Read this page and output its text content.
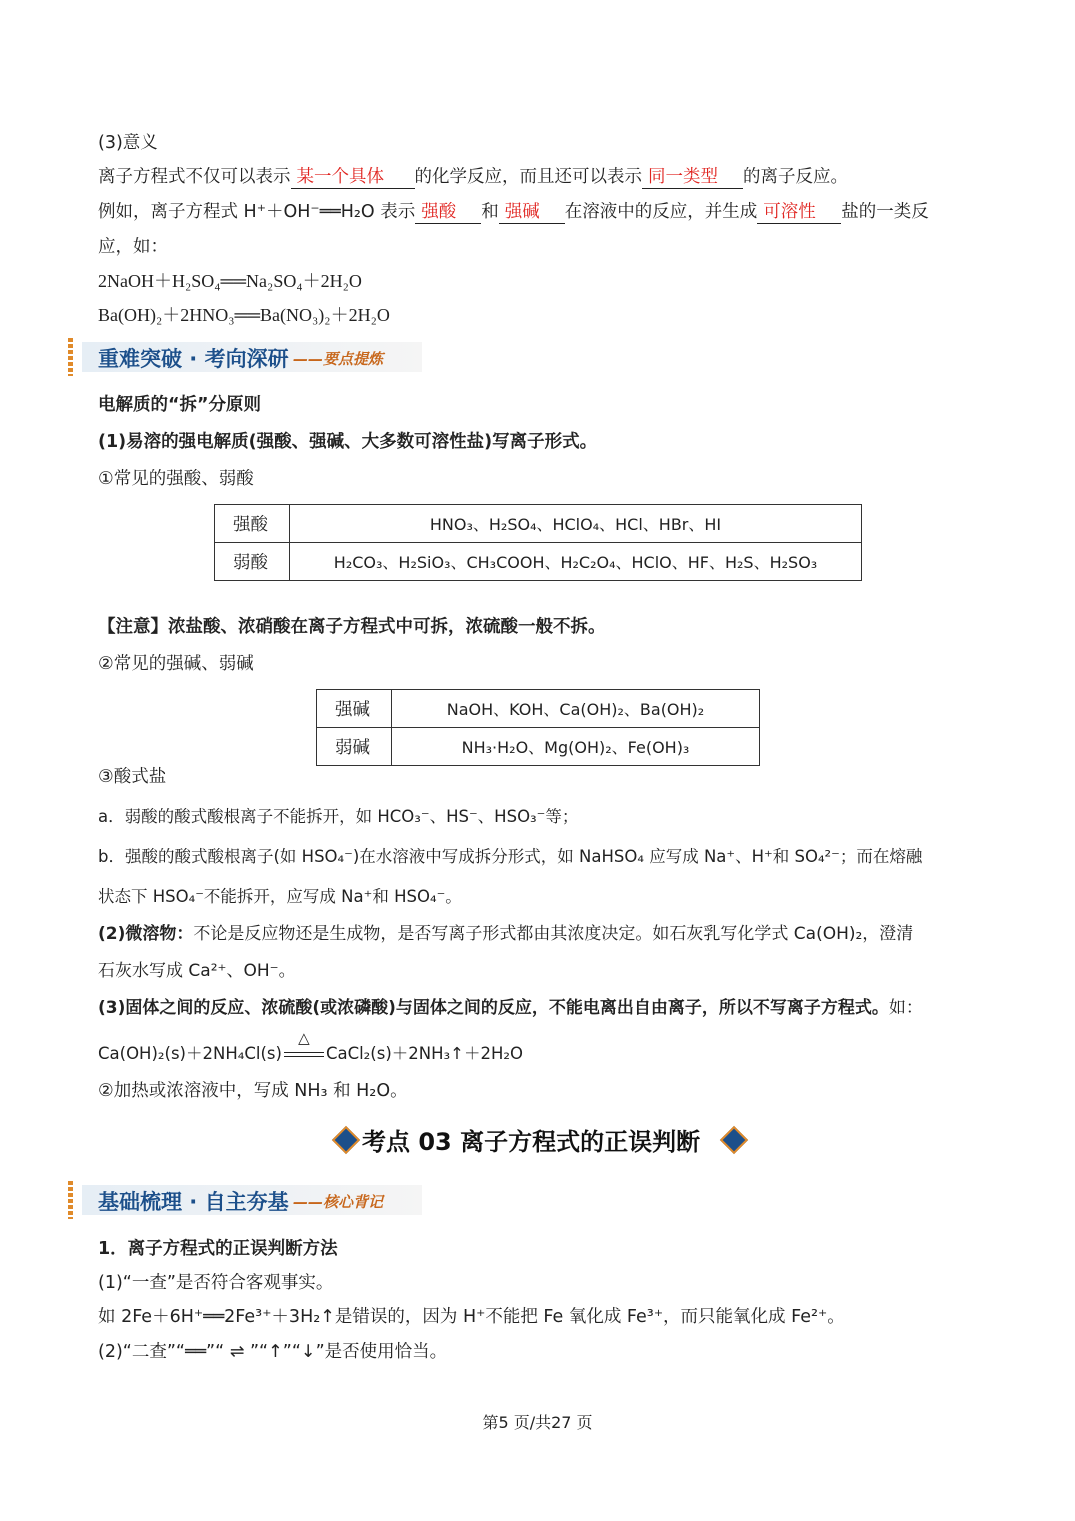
(3)意义
离子方程式不仅可以表示 某一个具体 的化学反应，而且还可以表示 同一类型 的离子反应。
例如，离子方程式 H⁺＋OH⁻══H₂O 表示 强酸 和 强碱 在溶液中的反应，并生成 可溶性 盐的一类反
应，如：
2NaOH＋H₂SO₄══Na₂SO₄＋2H₂O
Ba(OH)₂＋2HNO₃══Ba(NO₃)₂＋2H₂O
重难突破 · 考向深研 ——要点提炼
电解质的“拆”分原则
(1)易溶的强电解质(强酸、强碱、大多数可溶性盐)写离子形式。
①常见的强酸、弱酸
强酸	HNO₃、H₂SO₄、HClO₄、HCl、HBr、HI
弱酸	H₂CO₃、H₂SiO₃、CH₃COOH、H₂C₂O₄、HClO、HF、H₂S、H₂SO₃
【注意】浓盐酸、浓硝酸在离子方程式中可拆，浓硫酸一般不拆。
②常见的强碱、弱碱
强碱	NaOH、KOH、Ca(OH)₂、Ba(OH)₂
弱碱	NH₃·H₂O、Mg(OH)₂、Fe(OH)₃
③酸式盐
a．弱酸的酸式酸根离子不能拆开，如 HCO₃⁻、HS⁻、HSO₃⁻等；
b．强酸的酸式酸根离子(如 HSO₄⁻)在水溶液中写成拆分形式，如 NaHSO₄ 应写成 Na⁺、H⁺和 SO₄²⁻；而在熔融
状态下 HSO₄⁻不能拆开，应写成 Na⁺和 HSO₄⁻。
(2)微溶物：不论是反应物还是生成物，是否写离子形式都由其浓度决定。如石灰乳写化学式 Ca(OH)₂，澄清
石灰水写成 Ca²⁺、OH⁻。
(3)固体之间的反应、浓硫酸(或浓磷酸)与固体之间的反应，不能电离出自由离子，所以不写离子方程式。如：
Ca(OH)₂(s)＋2NH₄Cl(s)
△
CaCl₂(s)＋2NH₃↑＋2H₂O
②加热或浓溶液中，写成 NH₃ 和 H₂O。
考点 03 离子方程式的正误判断
基础梳理 · 自主夯基 ——核心背记
1．离子方程式的正误判断方法
(1)“一查”是否符合客观事实。
如 2Fe＋6H⁺══2Fe³⁺＋3H₂↑是错误的，因为 H⁺不能把 Fe 氧化成 Fe³⁺，而只能氧化成 Fe²⁺。
(2)“二查”“══”“ ⇌ ”“↑”“↓”是否使用恰当。
第5 页/共27 页
